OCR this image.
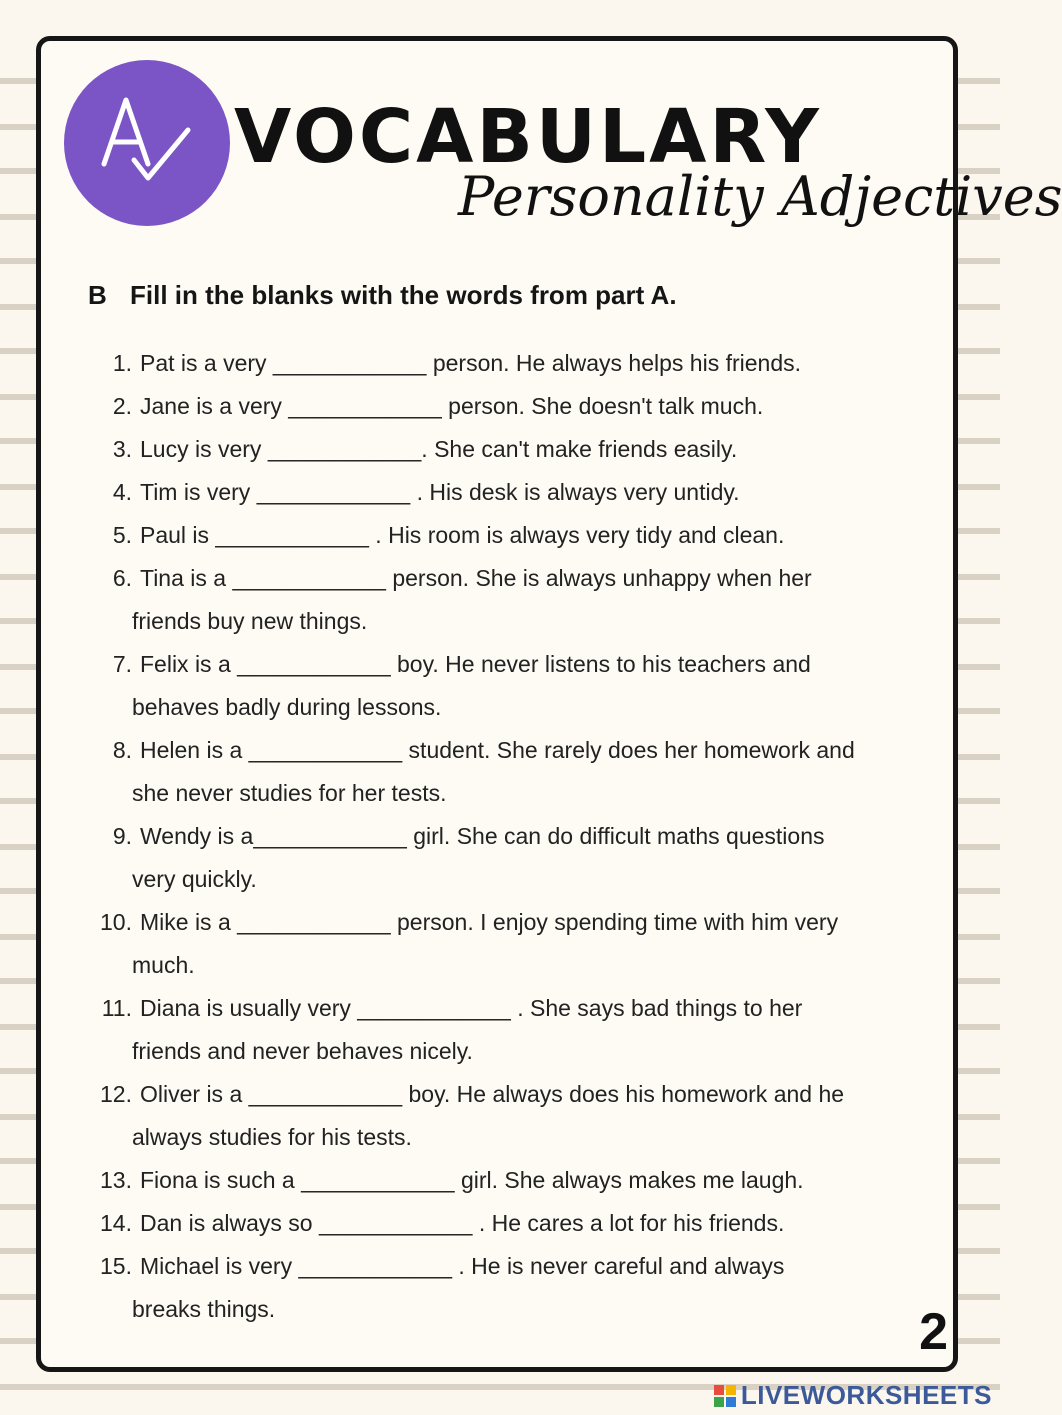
VOCABULARY
Personality Adjectives
B Fill in the blanks with the words from part A.
1. Pat is a very ____________ person. He always helps his friends.
2. Jane is a very ____________ person. She doesn't talk much.
3. Lucy is very ____________. She can't make friends easily.
4. Tim is very ____________ . His desk is always very untidy.
5. Paul is ____________ . His room is always very tidy and clean.
6. Tina is a ____________ person. She is always unhappy when her
friends buy new things.
7. Felix is a ____________ boy. He never listens to his teachers and
behaves badly during lessons.
8. Helen is a ____________ student. She rarely does her homework and
she never studies for her tests.
9. Wendy is a____________ girl. She can do difficult maths questions
very quickly.
10. Mike is a ____________ person. I enjoy spending time with him very
much.
11. Diana is usually very ____________ . She says bad things to her
friends and never behaves nicely.
12. Oliver is a ____________ boy. He always does his homework and he
always studies for his tests.
13. Fiona is such a ____________ girl. She always makes me laugh.
14. Dan is always so ____________ . He cares a lot for his friends.
15. Michael is very ____________ . He is never careful and always
breaks things.	2
LIVEWORKSHEETS
